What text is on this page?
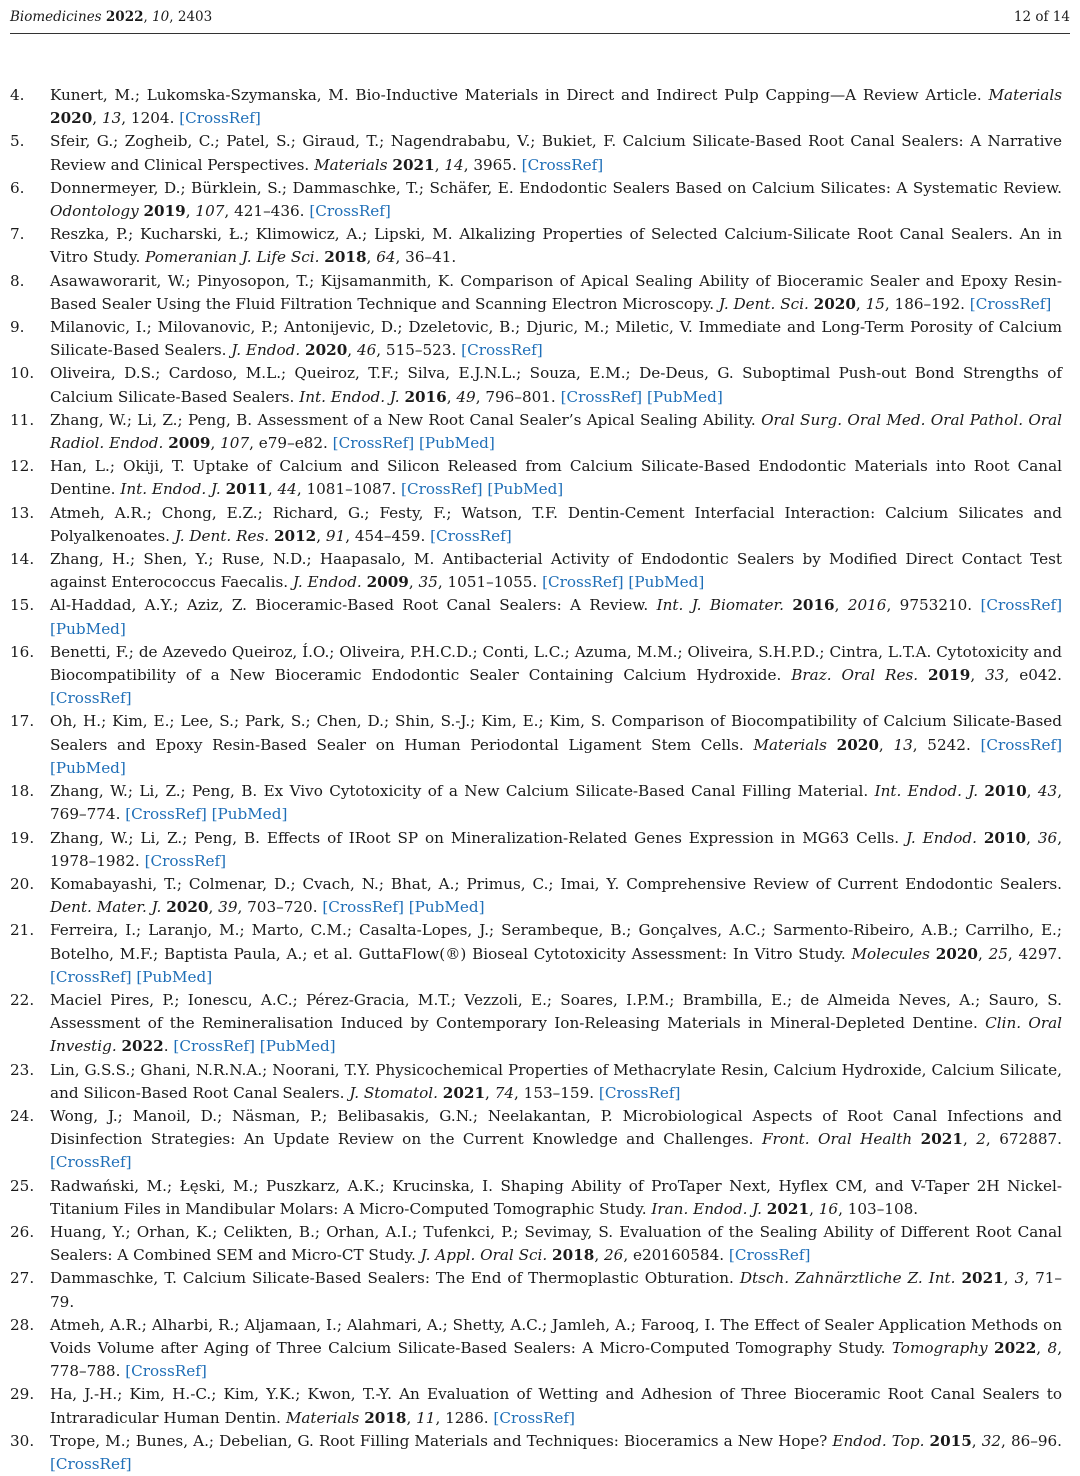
Biomedicines 2022, 10, 2403	12 of 14
4.	Kunert, M.; Lukomska-Szymanska, M. Bio-Inductive Materials in Direct and Indirect Pulp Capping—A Review Article. Materials 2020, 13, 1204. [CrossRef]
5.	Sfeir, G.; Zogheib, C.; Patel, S.; Giraud, T.; Nagendrababu, V.; Bukiet, F. Calcium Silicate-Based Root Canal Sealers: A Narrative Review and Clinical Perspectives. Materials 2021, 14, 3965. [CrossRef]
6.	Donnermeyer, D.; Bürklein, S.; Dammaschke, T.; Schäfer, E. Endodontic Sealers Based on Calcium Silicates: A Systematic Review. Odontology 2019, 107, 421–436. [CrossRef]
7.	Reszka, P.; Kucharski, Ł.; Klimowicz, A.; Lipski, M. Alkalizing Properties of Selected Calcium-Silicate Root Canal Sealers. An in Vitro Study. Pomeranian J. Life Sci. 2018, 64, 36–41.
8.	Asawaworarit, W.; Pinyosopon, T.; Kijsamanmith, K. Comparison of Apical Sealing Ability of Bioceramic Sealer and Epoxy Resin-Based Sealer Using the Fluid Filtration Technique and Scanning Electron Microscopy. J. Dent. Sci. 2020, 15, 186–192. [CrossRef]
9.	Milanovic, I.; Milovanovic, P.; Antonijevic, D.; Dzeletovic, B.; Djuric, M.; Miletic, V. Immediate and Long-Term Porosity of Calcium Silicate-Based Sealers. J. Endod. 2020, 46, 515–523. [CrossRef]
10.	Oliveira, D.S.; Cardoso, M.L.; Queiroz, T.F.; Silva, E.J.N.L.; Souza, E.M.; De-Deus, G. Suboptimal Push-out Bond Strengths of Calcium Silicate-Based Sealers. Int. Endod. J. 2016, 49, 796–801. [CrossRef] [PubMed]
11.	Zhang, W.; Li, Z.; Peng, B. Assessment of a New Root Canal Sealer’s Apical Sealing Ability. Oral Surg. Oral Med. Oral Pathol. Oral Radiol. Endod. 2009, 107, e79–e82. [CrossRef] [PubMed]
12.	Han, L.; Okiji, T. Uptake of Calcium and Silicon Released from Calcium Silicate-Based Endodontic Materials into Root Canal Dentine. Int. Endod. J. 2011, 44, 1081–1087. [CrossRef] [PubMed]
13.	Atmeh, A.R.; Chong, E.Z.; Richard, G.; Festy, F.; Watson, T.F. Dentin-Cement Interfacial Interaction: Calcium Silicates and Polyalkenoates. J. Dent. Res. 2012, 91, 454–459. [CrossRef]
14.	Zhang, H.; Shen, Y.; Ruse, N.D.; Haapasalo, M. Antibacterial Activity of Endodontic Sealers by Modified Direct Contact Test against Enterococcus Faecalis. J. Endod. 2009, 35, 1051–1055. [CrossRef] [PubMed]
15.	Al-Haddad, A.Y.; Aziz, Z. Bioceramic-Based Root Canal Sealers: A Review. Int. J. Biomater. 2016, 2016, 9753210. [CrossRef] [PubMed]
16.	Benetti, F.; de Azevedo Queiroz, Í.O.; Oliveira, P.H.C.D.; Conti, L.C.; Azuma, M.M.; Oliveira, S.H.P.D.; Cintra, L.T.A. Cytotoxicity and Biocompatibility of a New Bioceramic Endodontic Sealer Containing Calcium Hydroxide. Braz. Oral Res. 2019, 33, e042. [CrossRef]
17.	Oh, H.; Kim, E.; Lee, S.; Park, S.; Chen, D.; Shin, S.-J.; Kim, E.; Kim, S. Comparison of Biocompatibility of Calcium Silicate-Based Sealers and Epoxy Resin-Based Sealer on Human Periodontal Ligament Stem Cells. Materials 2020, 13, 5242. [CrossRef] [PubMed]
18.	Zhang, W.; Li, Z.; Peng, B. Ex Vivo Cytotoxicity of a New Calcium Silicate-Based Canal Filling Material. Int. Endod. J. 2010, 43, 769–774. [CrossRef] [PubMed]
19.	Zhang, W.; Li, Z.; Peng, B. Effects of IRoot SP on Mineralization-Related Genes Expression in MG63 Cells. J. Endod. 2010, 36, 1978–1982. [CrossRef]
20.	Komabayashi, T.; Colmenar, D.; Cvach, N.; Bhat, A.; Primus, C.; Imai, Y. Comprehensive Review of Current Endodontic Sealers. Dent. Mater. J. 2020, 39, 703–720. [CrossRef] [PubMed]
21.	Ferreira, I.; Laranjo, M.; Marto, C.M.; Casalta-Lopes, J.; Serambeque, B.; Gonçalves, A.C.; Sarmento-Ribeiro, A.B.; Carrilho, E.; Botelho, M.F.; Baptista Paula, A.; et al. GuttaFlow(®) Bioseal Cytotoxicity Assessment: In Vitro Study. Molecules 2020, 25, 4297. [CrossRef] [PubMed]
22.	Maciel Pires, P.; Ionescu, A.C.; Pérez-Gracia, M.T.; Vezzoli, E.; Soares, I.P.M.; Brambilla, E.; de Almeida Neves, A.; Sauro, S. Assessment of the Remineralisation Induced by Contemporary Ion-Releasing Materials in Mineral-Depleted Dentine. Clin. Oral Investig. 2022. [CrossRef] [PubMed]
23.	Lin, G.S.S.; Ghani, N.R.N.A.; Noorani, T.Y. Physicochemical Properties of Methacrylate Resin, Calcium Hydroxide, Calcium Silicate, and Silicon-Based Root Canal Sealers. J. Stomatol. 2021, 74, 153–159. [CrossRef]
24.	Wong, J.; Manoil, D.; Näsman, P.; Belibasakis, G.N.; Neelakantan, P. Microbiological Aspects of Root Canal Infections and Disinfection Strategies: An Update Review on the Current Knowledge and Challenges. Front. Oral Health 2021, 2, 672887. [CrossRef]
25.	Radwański, M.; Łęski, M.; Puszkarz, A.K.; Krucinska, I. Shaping Ability of ProTaper Next, Hyflex CM, and V-Taper 2H Nickel-Titanium Files in Mandibular Molars: A Micro-Computed Tomographic Study. Iran. Endod. J. 2021, 16, 103–108.
26.	Huang, Y.; Orhan, K.; Celikten, B.; Orhan, A.I.; Tufenkci, P.; Sevimay, S. Evaluation of the Sealing Ability of Different Root Canal Sealers: A Combined SEM and Micro-CT Study. J. Appl. Oral Sci. 2018, 26, e20160584. [CrossRef]
27.	Dammaschke, T. Calcium Silicate-Based Sealers: The End of Thermoplastic Obturation. Dtsch. Zahnärztliche Z. Int. 2021, 3, 71–79.
28.	Atmeh, A.R.; Alharbi, R.; Aljamaan, I.; Alahmari, A.; Shetty, A.C.; Jamleh, A.; Farooq, I. The Effect of Sealer Application Methods on Voids Volume after Aging of Three Calcium Silicate-Based Sealers: A Micro-Computed Tomography Study. Tomography 2022, 8, 778–788. [CrossRef]
29.	Ha, J.-H.; Kim, H.-C.; Kim, Y.K.; Kwon, T.-Y. An Evaluation of Wetting and Adhesion of Three Bioceramic Root Canal Sealers to Intraradicular Human Dentin. Materials 2018, 11, 1286. [CrossRef]
30.	Trope, M.; Bunes, A.; Debelian, G. Root Filling Materials and Techniques: Bioceramics a New Hope? Endod. Top. 2015, 32, 86–96. [CrossRef]
